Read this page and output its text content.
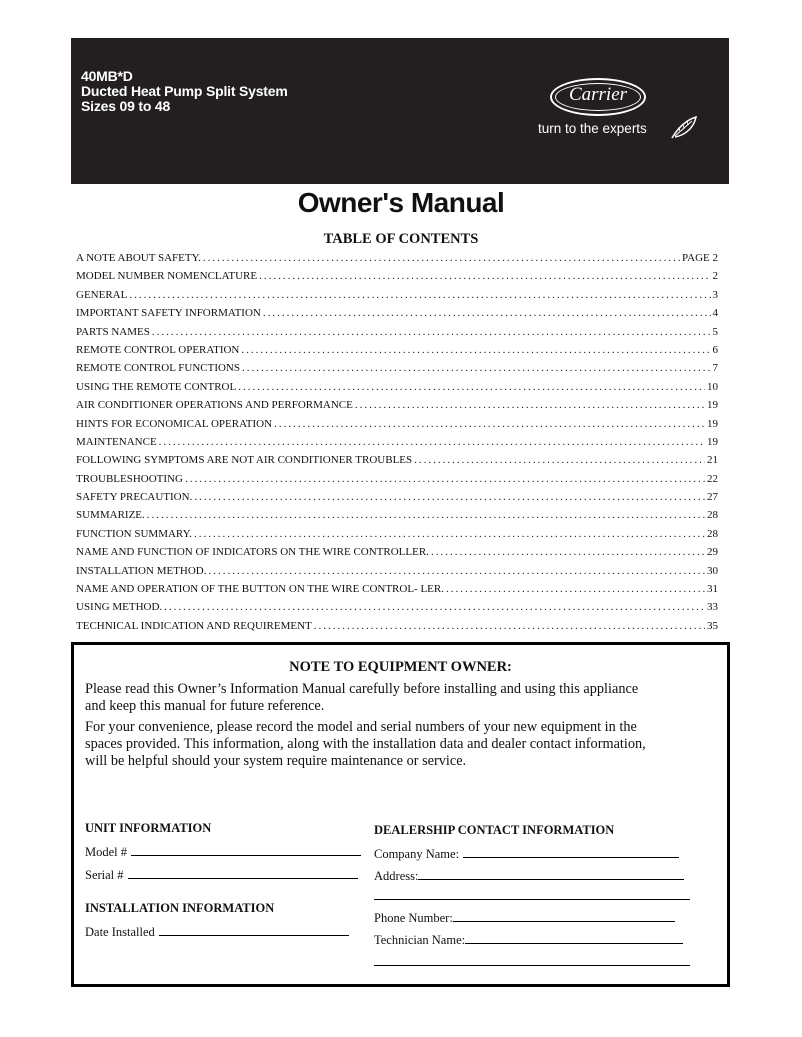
40MB*D
Ducted Heat Pump Split System
Sizes 09 to 48
Carrier
turn to the experts
Owner's Manual
TABLE OF CONTENTS
A NOTE ABOUT SAFETY. .....	PAGE 2
MODEL NUMBER NOMENCLATURE .....	2
GENERAL .....	3
IMPORTANT SAFETY INFORMATION .....	4
PARTS NAMES .....	5
REMOTE CONTROL OPERATION .....	6
REMOTE CONTROL FUNCTIONS .....	7
USING THE REMOTE CONTROL .....	10
AIR CONDITIONER OPERATIONS AND PERFORMANCE .....	19
HINTS FOR ECONOMICAL OPERATION .....	19
MAINTENANCE .....	19
FOLLOWING SYMPTOMS ARE NOT AIR CONDITIONER TROUBLES .....	21
TROUBLESHOOTING .....	22
SAFETY PRECAUTION. .....	27
SUMMARIZE. .....	28
FUNCTION SUMMARY. .....	28
NAME AND FUNCTION OF INDICATORS ON THE WIRE CONTROLLER. .....	29
INSTALLATION METHOD. .....	30
NAME AND OPERATION OF THE BUTTON ON THE WIRE CONTROL- LER. .....	31
USING METHOD. .....	33
TECHNICAL INDICATION AND REQUIREMENT .....	35
NOTE TO EQUIPMENT OWNER:
Please read this Owner’s Information Manual carefully before installing and using this appliance
and keep this manual for future reference.
For your convenience, please record the model and serial numbers of your new equipment in the
spaces provided. This information, along with the installation data and dealer contact information,
will be helpful should your system require maintenance or service.
UNIT INFORMATION
Model #
Serial #
INSTALLATION INFORMATION
Date Installed
DEALERSHIP CONTACT INFORMATION
Company Name:
Address:
Phone Number:
Technician Name:
